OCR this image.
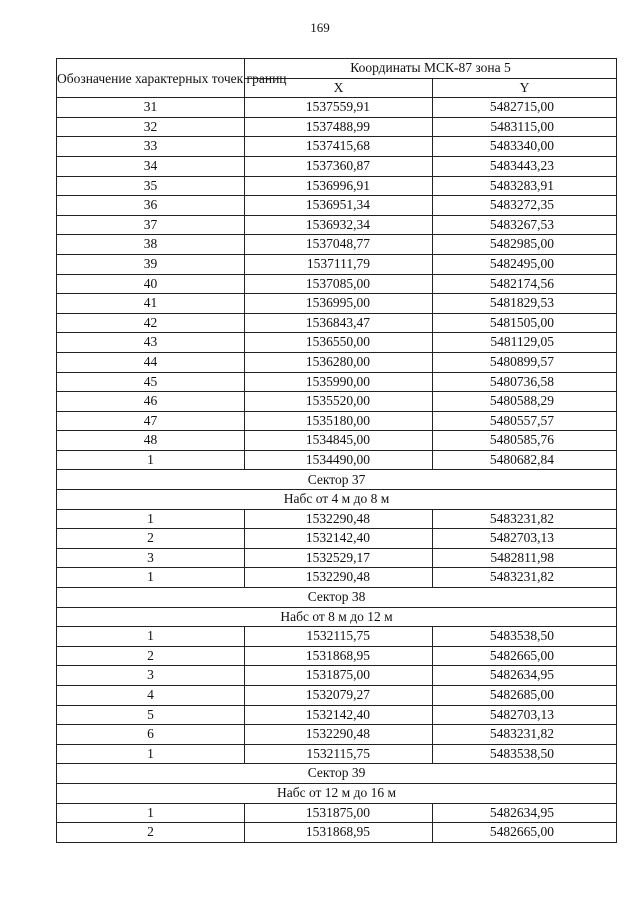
169
Обозначение характерных точек границ	Координаты МСК-87 зона 5	
	X	Y
31	1537559,91	5482715,00
32	1537488,99	5483115,00
33	1537415,68	5483340,00
34	1537360,87	5483443,23
35	1536996,91	5483283,91
36	1536951,34	5483272,35
37	1536932,34	5483267,53
38	1537048,77	5482985,00
39	1537111,79	5482495,00
40	1537085,00	5482174,56
41	1536995,00	5481829,53
42	1536843,47	5481505,00
43	1536550,00	5481129,05
44	1536280,00	5480899,57
45	1535990,00	5480736,58
46	1535520,00	5480588,29
47	1535180,00	5480557,57
48	1534845,00	5480585,76
1	1534490,00	5480682,84
Сектор 37		
Набс от 4 м до 8 м		
1	1532290,48	5483231,82
2	1532142,40	5482703,13
3	1532529,17	5482811,98
1	1532290,48	5483231,82
Сектор 38		
Набс от 8 м до 12 м		
1	1532115,75	5483538,50
2	1531868,95	5482665,00
3	1531875,00	5482634,95
4	1532079,27	5482685,00
5	1532142,40	5482703,13
6	1532290,48	5483231,82
1	1532115,75	5483538,50
Сектор 39		
Набс от 12 м до 16 м		
1	1531875,00	5482634,95
2	1531868,95	5482665,00
